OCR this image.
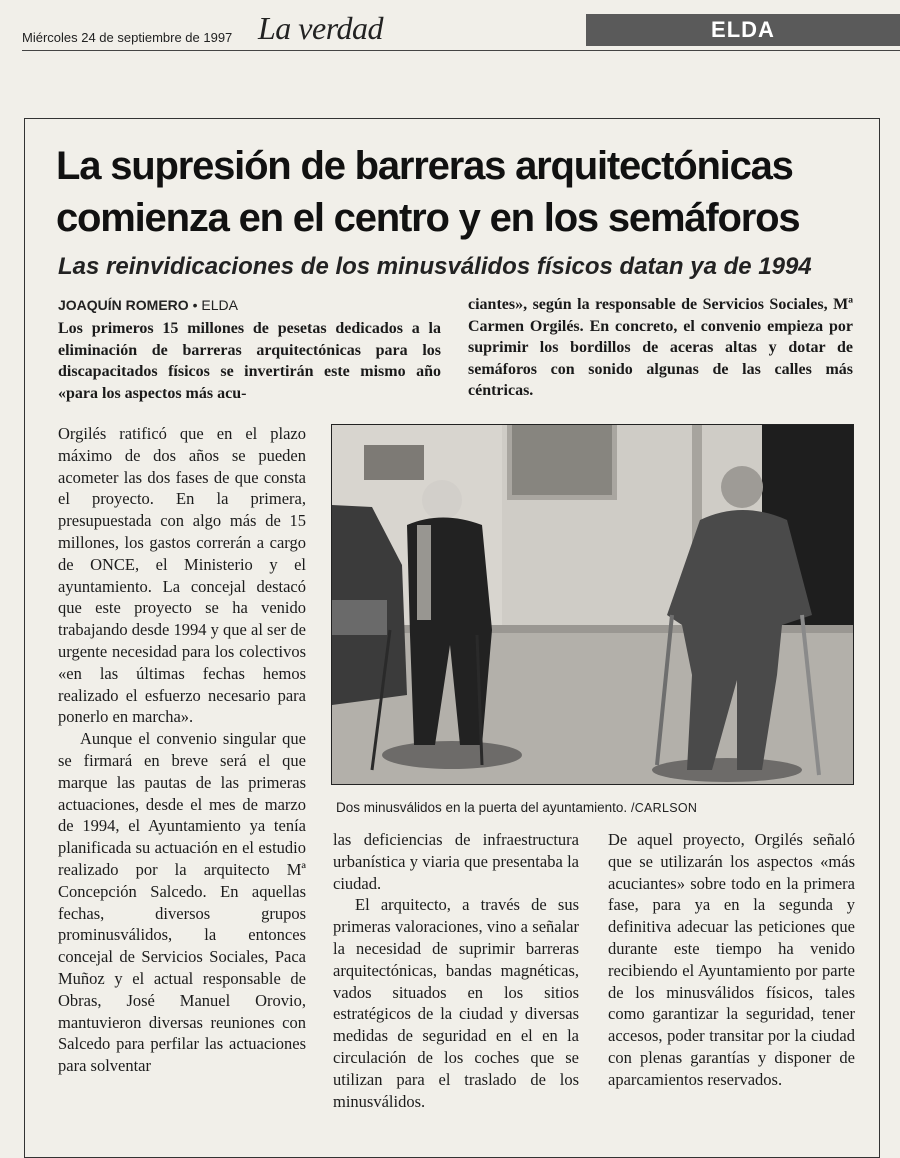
Miércoles 24 de septiembre de 1997 La verdad	ELDA
La supresión de barreras arquitectónicas
comienza en el centro y en los semáforos
Las reinvidicaciones de los minusválidos físicos datan ya de 1994
JOAQUÍN ROMERO • ELDA
Los primeros 15 millones de pesetas dedicados a la eliminación de barreras arquitectónicas para los discapacitados físicos se invertirán este mismo año «para los aspectos más acu-
ciantes», según la responsable de Servicios Sociales, Mª Carmen Orgilés. En concreto, el convenio empieza por suprimir los bordillos de aceras altas y dotar de semáforos con sonido algunas de las calles más céntricas.

Orgilés ratificó que en el plazo máximo de dos años se pueden acometer las dos fases de que consta el proyecto. En la primera, presupuestada con algo más de 15 millones, los gastos correrán a cargo de ONCE, el Ministerio y el ayuntamiento. La concejal destacó que este proyecto se ha venido trabajando desde 1994 y que al ser de urgente necesidad para los colectivos «en las últimas fechas hemos realizado el esfuerzo necesario para ponerlo en marcha».

Aunque el convenio singular que se firmará en breve será el que marque las pautas de las primeras actuaciones, desde el mes de marzo de 1994, el Ayuntamiento ya tenía planificada su actuación en el estudio realizado por la arquitecto Mª Concepción Salcedo. En aquellas fechas, diversos grupos prominusválidos, la entonces concejal de Servicios Sociales, Paca Muñoz y el actual responsable de Obras, José Manuel Orovio, mantuvieron diversas reuniones con Salcedo para perfilar las actuaciones para solventar

Dos minusválidos en la puerta del ayuntamiento. /CARLSON

las deficiencias de infraestructura urbanística y viaria que presentaba la ciudad.

El arquitecto, a través de sus primeras valoraciones, vino a señalar la necesidad de suprimir barreras arquitectónicas, bandas magnéticas, vados situados en los sitios estratégicos de la ciudad y diversas medidas de seguridad en el en la circulación de los coches que se utilizan para el traslado de los minusválidos.

De aquel proyecto, Orgilés señaló que se utilizarán los aspectos «más acuciantes» sobre todo en la primera fase, para ya en la segunda y definitiva adecuar las peticiones que durante este tiempo ha venido recibiendo el Ayuntamiento por parte de los minusválidos físicos, tales como garantizar la seguridad, tener accesos, poder transitar por la ciudad con plenas garantías y disponer de aparcamientos reservados.
